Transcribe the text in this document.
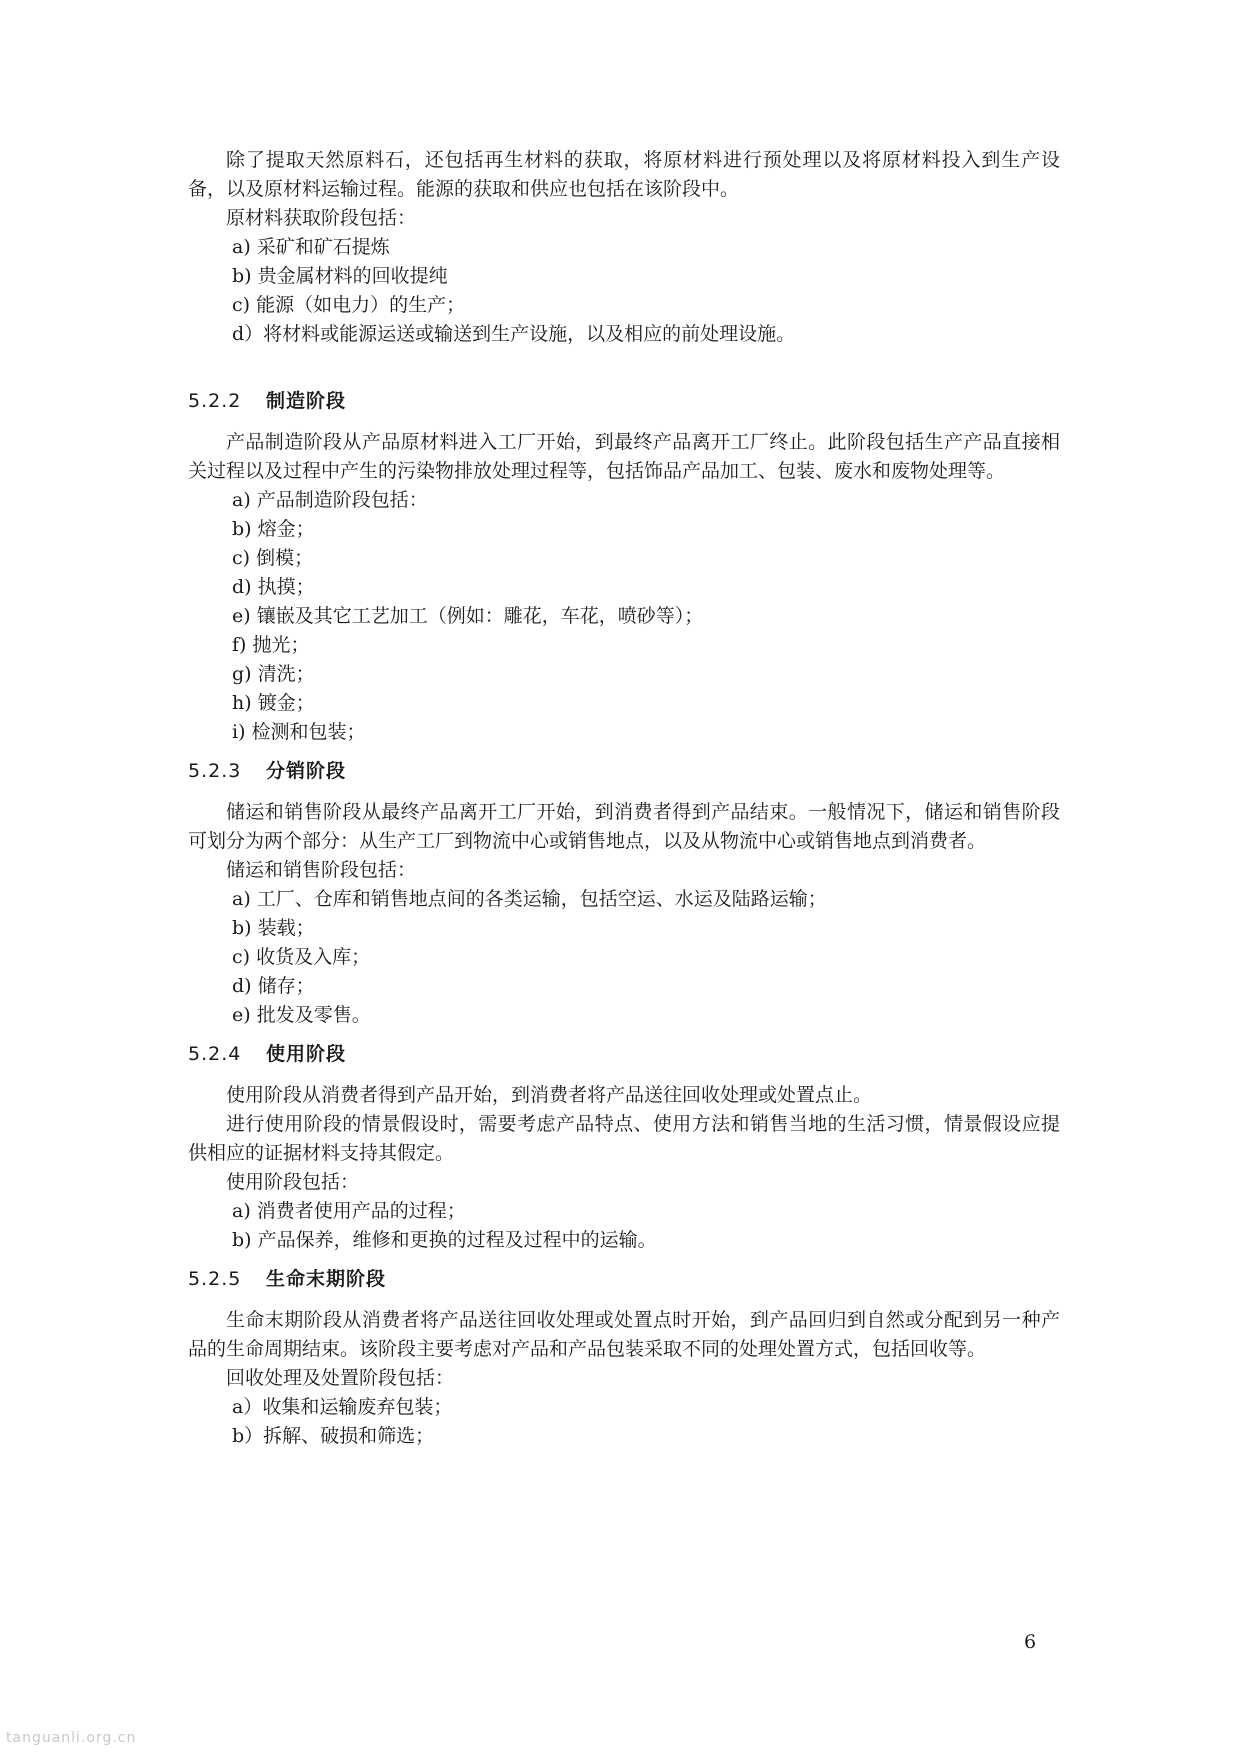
除了提取天然原料石，还包括再生材料的获取，将原材料进行预处理以及将原材料投入到生产设备，以及原材料运输过程。能源的获取和供应也包括在该阶段中。

原材料获取阶段包括：

a) 采矿和矿石提炼

b) 贵金属材料的回收提纯

c) 能源（如电力）的生产；

d）将材料或能源运送或输送到生产设施，以及相应的前处理设施。

5.2.2 制造阶段

产品制造阶段从产品原材料进入工厂开始，到最终产品离开工厂终止。此阶段包括生产产品直接相关过程以及过程中产生的污染物排放处理过程等，包括饰品产品加工、包装、废水和废物处理等。

a) 产品制造阶段包括：

b) 熔金；

c) 倒模；

d) 执摸；

e) 镶嵌及其它工艺加工（例如：雕花，车花，喷砂等）；

f) 抛光；

g) 清洗；

h) 镀金；

i) 检测和包装；

5.2.3 分销阶段

储运和销售阶段从最终产品离开工厂开始，到消费者得到产品结束。一般情况下，储运和销售阶段可划分为两个部分：从生产工厂到物流中心或销售地点，以及从物流中心或销售地点到消费者。

储运和销售阶段包括：

a) 工厂、仓库和销售地点间的各类运输，包括空运、水运及陆路运输；

b) 装载；

c) 收货及入库；

d) 储存；

e) 批发及零售。

5.2.4 使用阶段

使用阶段从消费者得到产品开始，到消费者将产品送往回收处理或处置点止。

进行使用阶段的情景假设时，需要考虑产品特点、使用方法和销售当地的生活习惯，情景假设应提供相应的证据材料支持其假定。

使用阶段包括：

a) 消费者使用产品的过程；

b) 产品保养，维修和更换的过程及过程中的运输。

5.2.5 生命末期阶段

生命末期阶段从消费者将产品送往回收处理或处置点时开始，到产品回归到自然或分配到另一种产品的生命周期结束。该阶段主要考虑对产品和产品包装采取不同的处理处置方式，包括回收等。

回收处理及处置阶段包括：

a）收集和运输废弃包装；

b）拆解、破损和筛选；

6
tanguanli.org.cn
